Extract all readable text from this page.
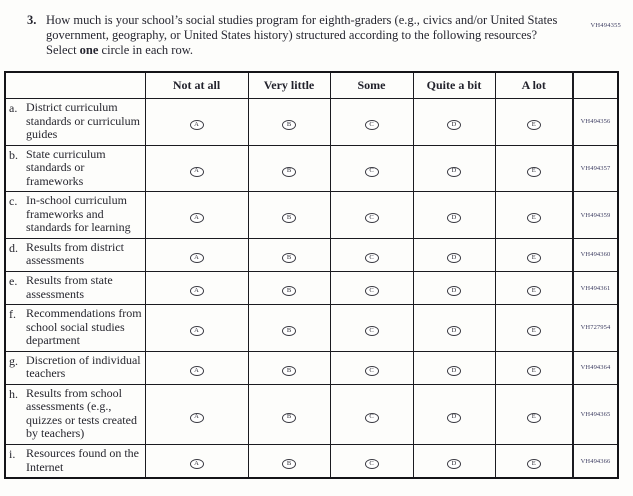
VH494355
3. How much is your school’s social studies program for eighth-graders (e.g., civics and/or United States government, geography, or United States history) structured according to the following resources? Select one circle in each row.
	Not at all	Very little	Some	Quite a bit	A lot	

a. District curriculum standards or curriculum guides	A	B	C	D	E	VH494356

b. State curriculum standards or frameworks	A	B	C	D	E	VH494357

c. In-school curriculum frameworks and standards for learning	A	B	C	D	E	VH494359

d. Results from district assessments	A	B	C	D	E	VH494360

e. Results from state assessments	A	B	C	D	E	VH494361

f. Recommendations from school social studies department	A	B	C	D	E	VH727954

g. Discretion of individual teachers	A	B	C	D	E	VH494364

h. Results from school assessments (e.g., quizzes or tests created by teachers)	A	B	C	D	E	VH494365

i. Resources found on the Internet	A	B	C	D	E	VH494366
